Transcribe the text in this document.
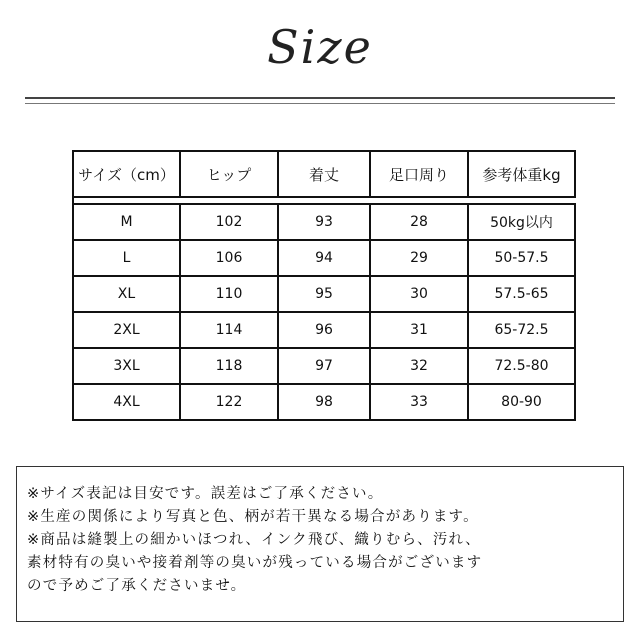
Size
サイズ（cm）	ヒップ	着丈	足口周り	参考体重kg

M	102	93	28	50kg以内
L	106	94	29	50-57.5
XL	110	95	30	57.5-65
2XL	114	96	31	65-72.5
3XL	118	97	32	72.5-80
4XL	122	98	33	80-90

※サイズ表記は目安です。誤差はご了承ください。

※生産の関係により写真と色、柄が若干異なる場合があります。

※商品は縫製上の細かいほつれ、インク飛び、織りむら、汚れ、

素材特有の臭いや接着剤等の臭いが残っている場合がございます

ので予めご了承くださいませ。
